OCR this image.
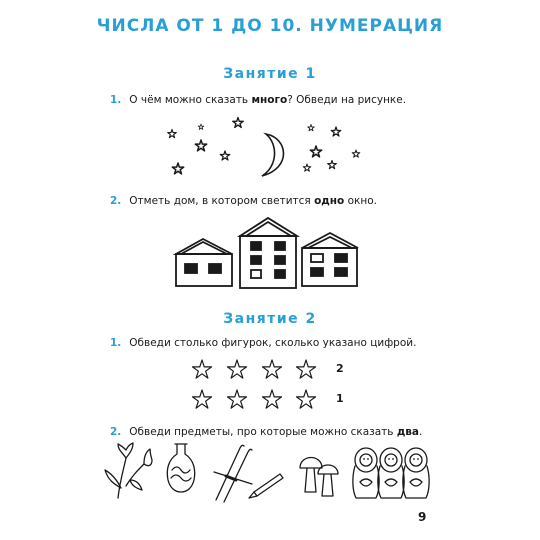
ЧИСЛА ОТ 1 ДО 10. НУМЕРАЦИЯ
Занятие 1
1. О чём можно сказать много? Обведи на рисунке.
2. Отметь дом, в котором светится одно окно.
Занятие 2
1. Обведи столько фигурок, сколько указано цифрой.
2
1
2. Обведи предметы, про которые можно сказать два.
9
